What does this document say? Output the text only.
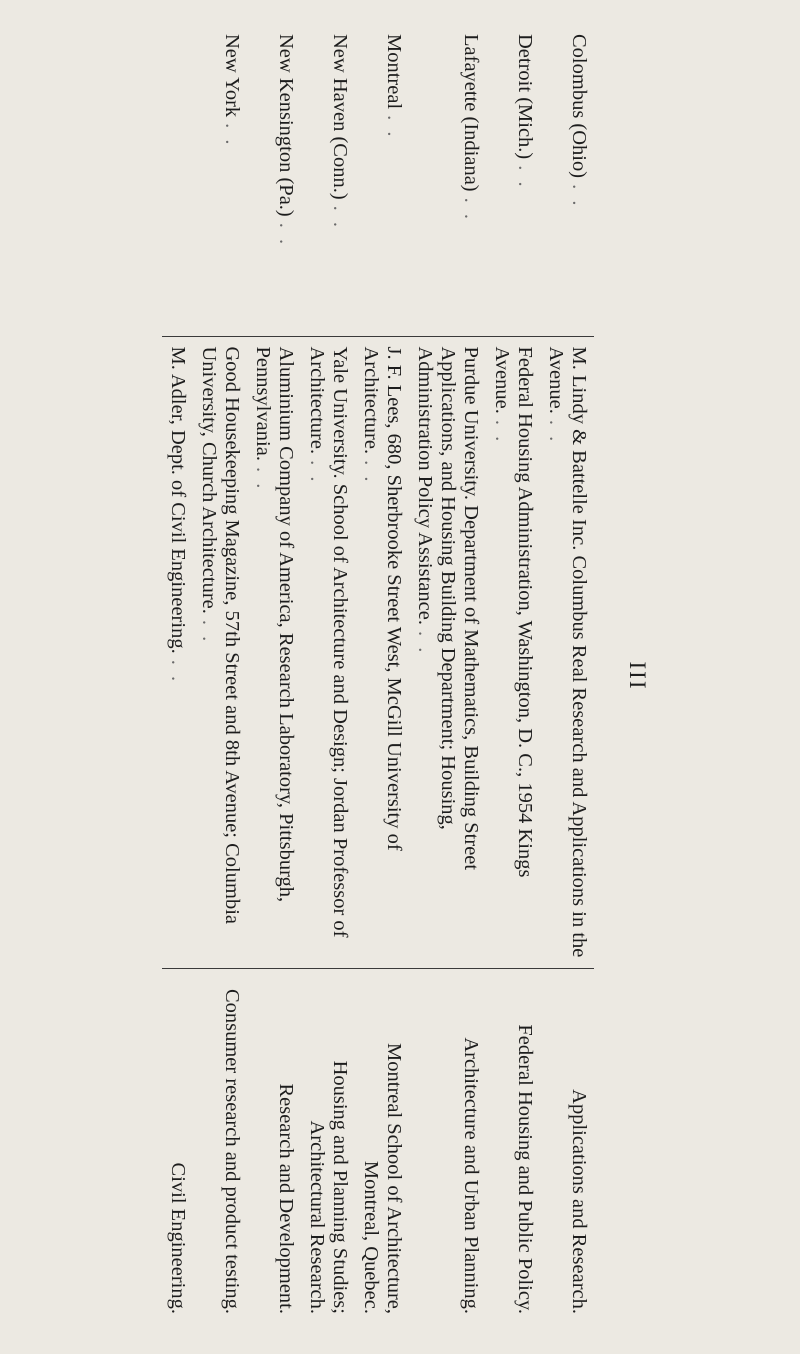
III
Colombus (Ohio). .	M. Lindy & Battelle Inc. Columbus Real Research and Applications in the Avenue.. .	Applications and Research.
Detroit (Mich.). .	Federal Housing Administration, Washington, D. C., 1954 Kings Avenue.. .	Federal Housing and Public Policy.
Lafayette (Indiana). .	Purdue University. Department of Mathematics, Building Street Applications, and Housing Building Department; Housing, Administration Policy Assistance.. .	Architecture and Urban Planning.
Montreal. .	J. F. Lees, 680, Sherbrooke Street West, McGill University of Architecture.. .	Montreal School of Architecture, Montreal, Quebec.
New Haven (Conn.). .	Yale University. School of Architecture and Design; Jordan Professor of Architecture.. .	Housing and Planning Studies; Architectural Research.
New Kensington (Pa.). .	Aluminium Company of America, Research Laboratory, Pittsburgh, Pennsylvania.. .	Research and Development.
New York. .	Good Housekeeping Magazine, 57th Street and 8th Avenue; Columbia University, Church Architecture.. .	Consumer research and product testing.
	M. Adler, Dept. of Civil Engineering.. .	Civil Engineering.
